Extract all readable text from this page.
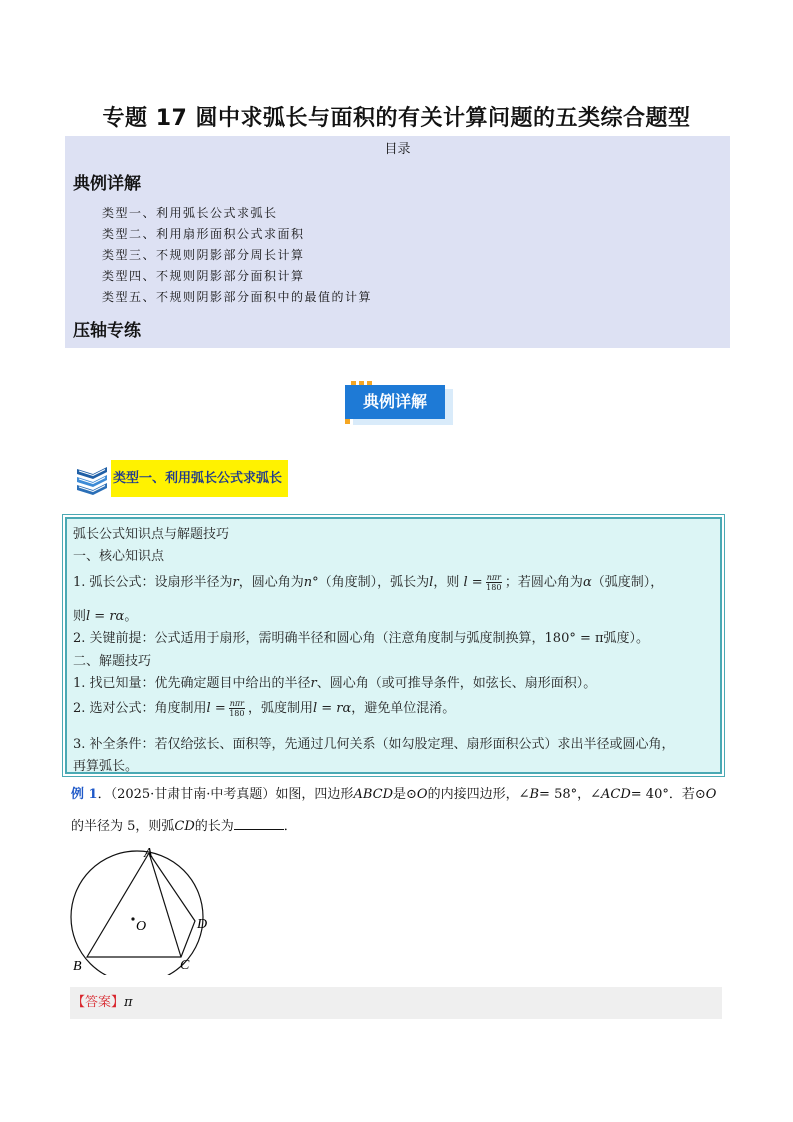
专题 17 圆中求弧长与面积的有关计算问题的五类综合题型
目录
典例详解
类型一、利用弧长公式求弧长
类型二、利用扇形面积公式求面积
类型三、不规则阴影部分周长计算
类型四、不规则阴影部分面积计算
类型五、不规则阴影部分面积中的最值的计算
压轴专练
典例详解
类型一、利用弧长公式求弧长
弧长公式知识点与解题技巧
一、核心知识点
1. 弧长公式：设扇形半径为r，圆心角为n°（角度制），弧长为l，则 $l = \frac{\text{nπr}}{180}$ ；若圆心角为α（弧度制），
则l = rα。
2. 关键前提：公式适用于扇形，需明确半径和圆心角（注意角度制与弧度制换算，180° = π弧度）。
二、解题技巧
1. 找已知量：优先确定题目中给出的半径r、圆心角（或可推导条件，如弦长、扇形面积）。
2. 选对公式：角度制用$l = \frac{\text{nπr}}{180}$ ，弧度制用l = rα，避免单位混淆。
3. 补全条件：若仅给弦长、面积等，先通过几何关系（如勾股定理、扇形面积公式）求出半径或圆心角，
再算弧长。
例 1．（2025·甘肃甘南·中考真题）如图，四边形ABCD是⊙O的内接四边形，∠B= 58°，∠ACD= 40°．若⊙O
的半径为 5，则弧CD的长为	．
A
B	C
D
O
【答案】π
